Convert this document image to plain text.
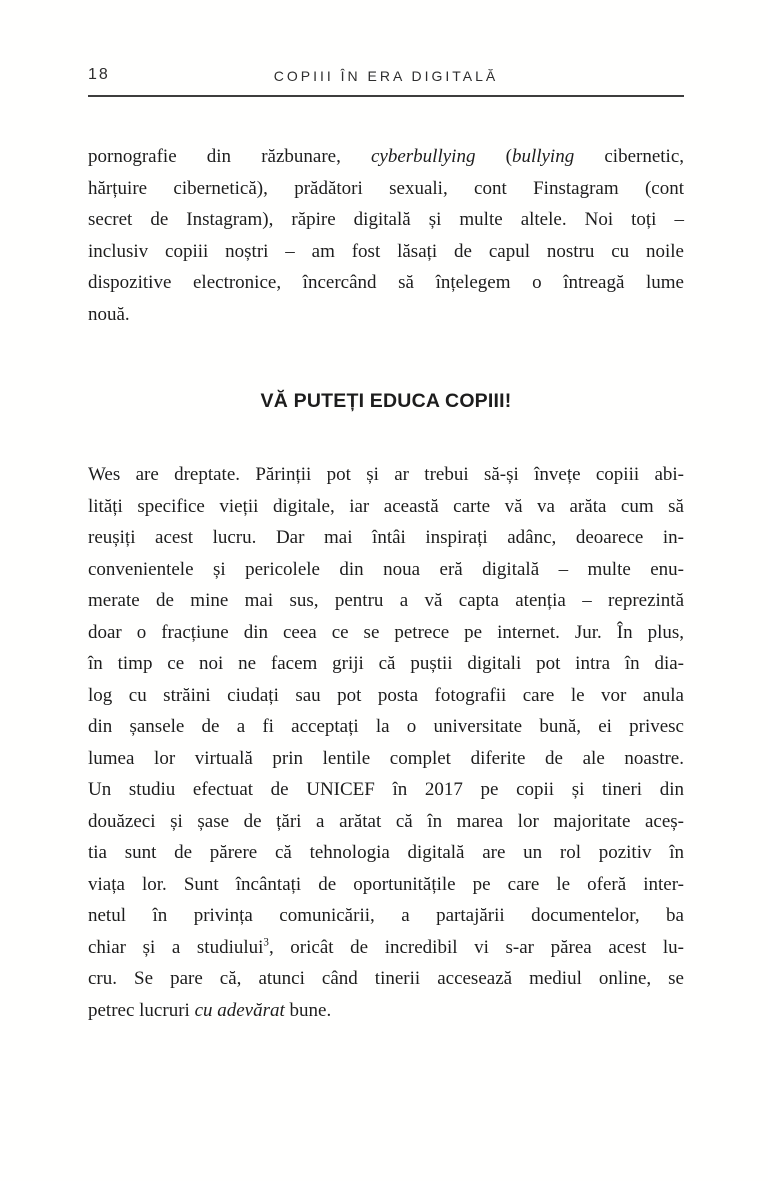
18	COPIII ÎN ERA DIGITALĂ
pornografie din răzbunare, cyberbullying (bullying cibernetic,
hărțuire cibernetică), prădători sexuali, cont Finstagram (cont
secret de Instagram), răpire digitală și multe altele. Noi toți –
inclusiv copiii noștri – am fost lăsați de capul nostru cu noile
dispozitive electronice, încercând să înțelegem o întreagă lume
nouă.
VĂ PUTEȚI EDUCA COPIII!
Wes are dreptate. Părinții pot și ar trebui să-și învețe copiii abi-
lități specifice vieții digitale, iar această carte vă va arăta cum să
reușiți acest lucru. Dar mai întâi inspirați adânc, deoarece in-
convenientele și pericolele din noua eră digitală – multe enu-
merate de mine mai sus, pentru a vă capta atenția – reprezintă
doar o fracțiune din ceea ce se petrece pe internet. Jur. În plus,
în timp ce noi ne facem griji că puștii digitali pot intra în dia-
log cu străini ciudați sau pot posta fotografii care le vor anula
din șansele de a fi acceptați la o universitate bună, ei privesc
lumea lor virtuală prin lentile complet diferite de ale noastre.
Un studiu efectuat de UNICEF în 2017 pe copii și tineri din
douăzeci și șase de țări a arătat că în marea lor majoritate aceș-
tia sunt de părere că tehnologia digitală are un rol pozitiv în
viața lor. Sunt încântați de oportunitățile pe care le oferă inter-
netul în privința comunicării, a partajării documentelor, ba
chiar și a studiului$^3$, oricât de incredibil vi s-ar părea acest lu-
cru. Se pare că, atunci când tinerii accesează mediul online, se
petrec lucruri cu adevărat bune.
